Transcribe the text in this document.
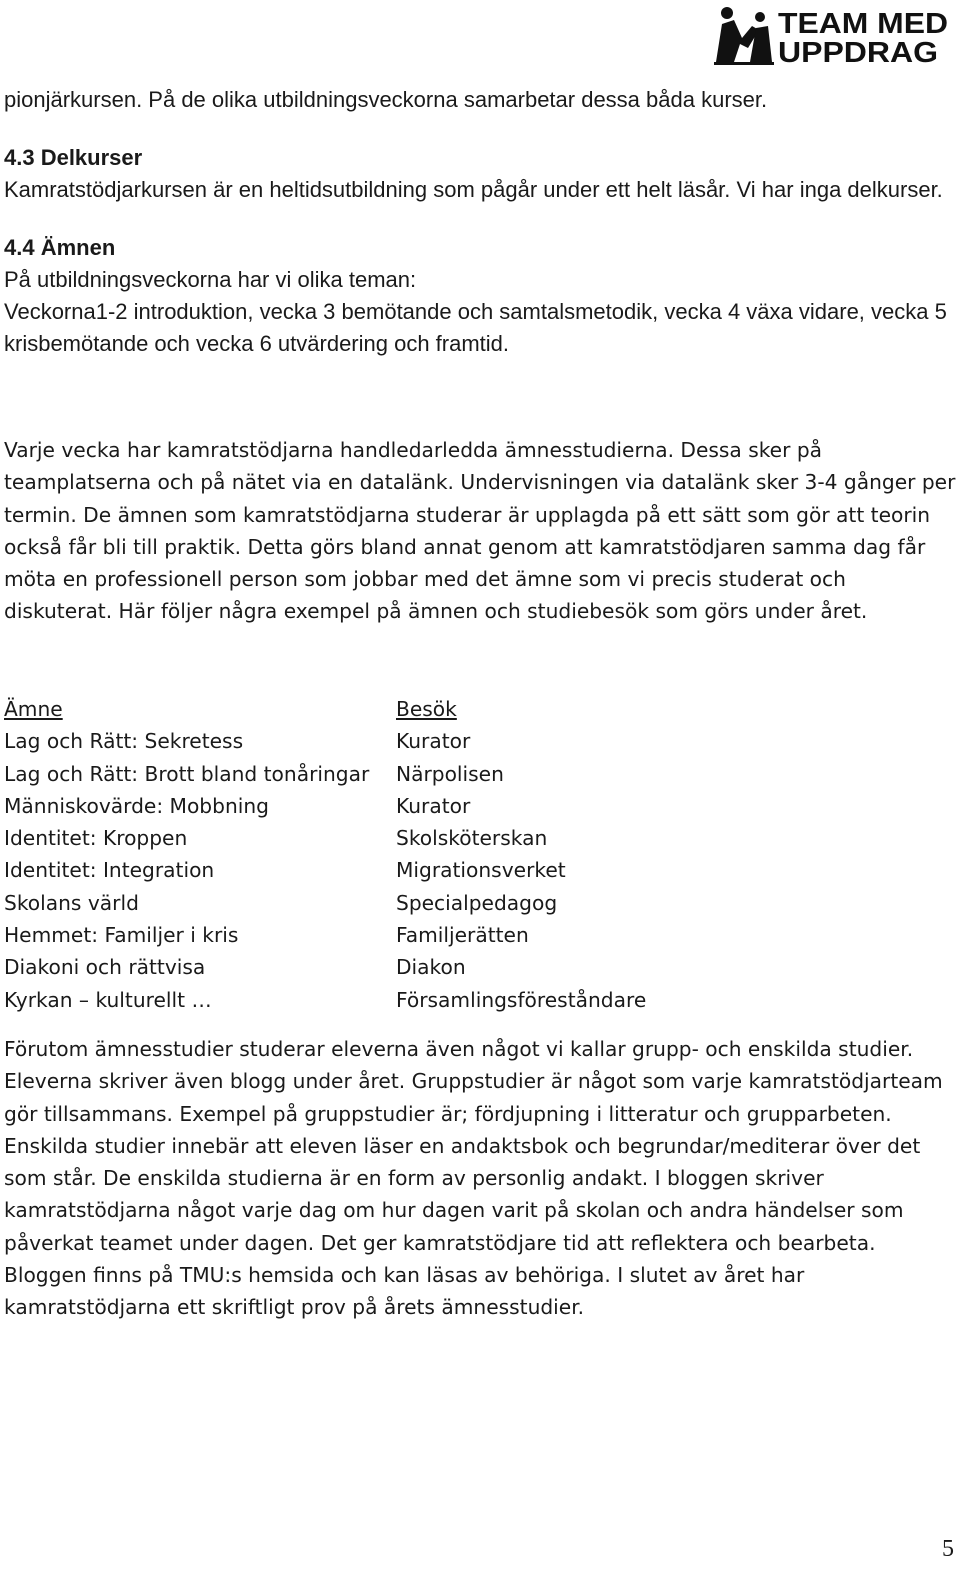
TEAM MED
UPPDRAG

pionjärkursen. På de olika utbildningsveckorna samarbetar dessa båda kurser.

4.3 Delkurser

Kamratstödjarkursen är en heltidsutbildning som pågår under ett helt läsår. Vi har inga delkurser.

4.4 Ämnen

På utbildningsveckorna har vi olika teman:

Veckorna1-2 introduktion, vecka 3 bemötande och samtalsmetodik, vecka 4 växa vidare, vecka 5 krisbemötande och vecka 6 utvärdering och framtid.

Varje vecka har kamratstödjarna handledarledda ämnesstudierna. Dessa sker på teamplatserna och på nätet via en datalänk. Undervisningen via datalänk sker 3-4 gånger per termin. De ämnen som kamratstödjarna studerar är upplagda på ett sätt som gör att teorin också får bli till praktik. Detta görs bland annat genom att kamratstödjaren samma dag får möta en professionell person som jobbar med det ämne som vi precis studerat och diskuterat. Här följer några exempel på ämnen och studiebesök som görs under året.

Ämne	Besök
Lag och Rätt: Sekretess	Kurator
Lag och Rätt: Brott bland tonåringar	Närpolisen
Människovärde: Mobbning	Kurator
Identitet: Kroppen	Skolsköterskan
Identitet: Integration	Migrationsverket
Skolans värld	Specialpedagog
Hemmet: Familjer i kris	Familjerätten
Diakoni och rättvisa	Diakon
Kyrkan – kulturellt …	Församlingsföreståndare

Förutom ämnesstudier studerar eleverna även något vi kallar grupp- och enskilda studier. Eleverna skriver även blogg under året. Gruppstudier är något som varje kamratstödjarteam gör tillsammans. Exempel på gruppstudier är; fördjupning i litteratur och grupparbeten. Enskilda studier innebär att eleven läser en andaktsbok och begrundar/mediterar över det som står. De enskilda studierna är en form av personlig andakt. I bloggen skriver kamratstödjarna något varje dag om hur dagen varit på skolan och andra händelser som påverkat teamet under dagen. Det ger kamratstödjare tid att reflektera och bearbeta. Bloggen finns på TMU:s hemsida och kan läsas av behöriga. I slutet av året har kamratstödjarna ett skriftligt prov på årets ämnesstudier.

5
